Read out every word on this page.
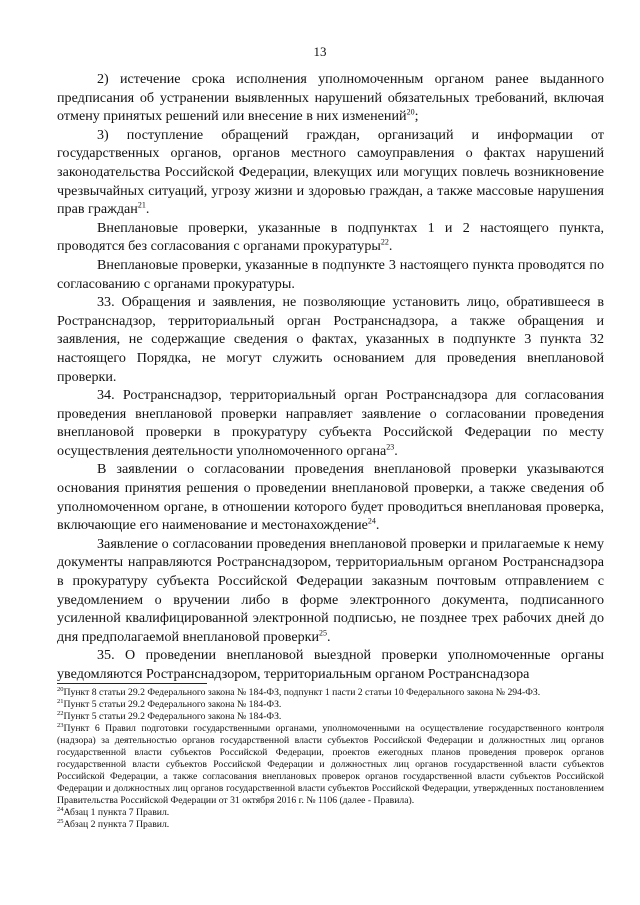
13

2) истечение срока исполнения уполномоченным органом ранее выданного предписания об устранении выявленных нарушений обязательных требований, включая отмену принятых решений или внесение в них изменений$^{20}$;

3) поступление обращений граждан, организаций и информации от государственных органов, органов местного самоуправления о фактах нарушений законодательства Российской Федерации, влекущих или могущих повлечь возникновение чрезвычайных ситуаций, угрозу жизни и здоровью граждан, а также массовые нарушения прав граждан$^{21}$.

Внеплановые проверки, указанные в подпунктах 1 и 2 настоящего пункта, проводятся без согласования с органами прокуратуры$^{22}$.

Внеплановые проверки, указанные в подпункте 3 настоящего пункта проводятся по согласованию с органами прокуратуры.

33. Обращения и заявления, не позволяющие установить лицо, обратившееся в Ространснадзор, территориальный орган Ространснадзора, а также обращения и заявления, не содержащие сведения о фактах, указанных в подпункте 3 пункта 32 настоящего Порядка, не могут служить основанием для проведения внеплановой проверки.

34. Ространснадзор, территориальный орган Ространснадзора для согласования проведения внеплановой проверки направляет заявление о согласовании проведения внеплановой проверки в прокуратуру субъекта Российской Федерации по месту осуществления деятельности уполномоченного органа$^{23}$.

В заявлении о согласовании проведения внеплановой проверки указываются основания принятия решения о проведении внеплановой проверки, а также сведения об уполномоченном органе, в отношении которого будет проводиться внеплановая проверка, включающие его наименование и местонахождение$^{24}$.

Заявление о согласовании проведения внеплановой проверки и прилагаемые к нему документы направляются Ространснадзором, территориальным органом Ространснадзора в прокуратуру субъекта Российской Федерации заказным почтовым отправлением с уведомлением о вручении либо в форме электронного документа, подписанного усиленной квалифицированной электронной подписью, не позднее трех рабочих дней до дня предполагаемой внеплановой проверки$^{25}$.

35. О проведении внеплановой выездной проверки уполномоченные органы уведомляются Ространснадзором, территориальным органом Ространснадзора

$^{20}$Пункт 8 статьи 29.2 Федерального закона № 184-ФЗ, подпункт 1 пасти 2 статьи 10 Федерального закона № 294-ФЗ.

$^{21}$Пункт 5 статьи 29.2 Федерального закона № 184-ФЗ.

$^{22}$Пункт 5 статьи 29.2 Федерального закона № 184-ФЗ.

$^{23}$Пункт 6 Правил подготовки государственными органами, уполномоченными на осуществление государственного контроля (надзора) за деятельностью органов государственной власти субъектов Российской Федерации и должностных лиц органов государственной власти субъектов Российской Федерации, проектов ежегодных планов проведения проверок органов государственной власти субъектов Российской Федерации и должностных лиц органов государственной власти субъектов Российской Федерации, а также согласования внеплановых проверок органов государственной власти субъектов Российской Федерации и должностных лиц органов государственной власти субъектов Российской Федерации, утвержденных постановлением Правительства Российской Федерации от 31 октября 2016 г. № 1106 (далее - Правила).

$^{24}$Абзац 1 пункта 7 Правил.

$^{25}$Абзац 2 пункта 7 Правил.
